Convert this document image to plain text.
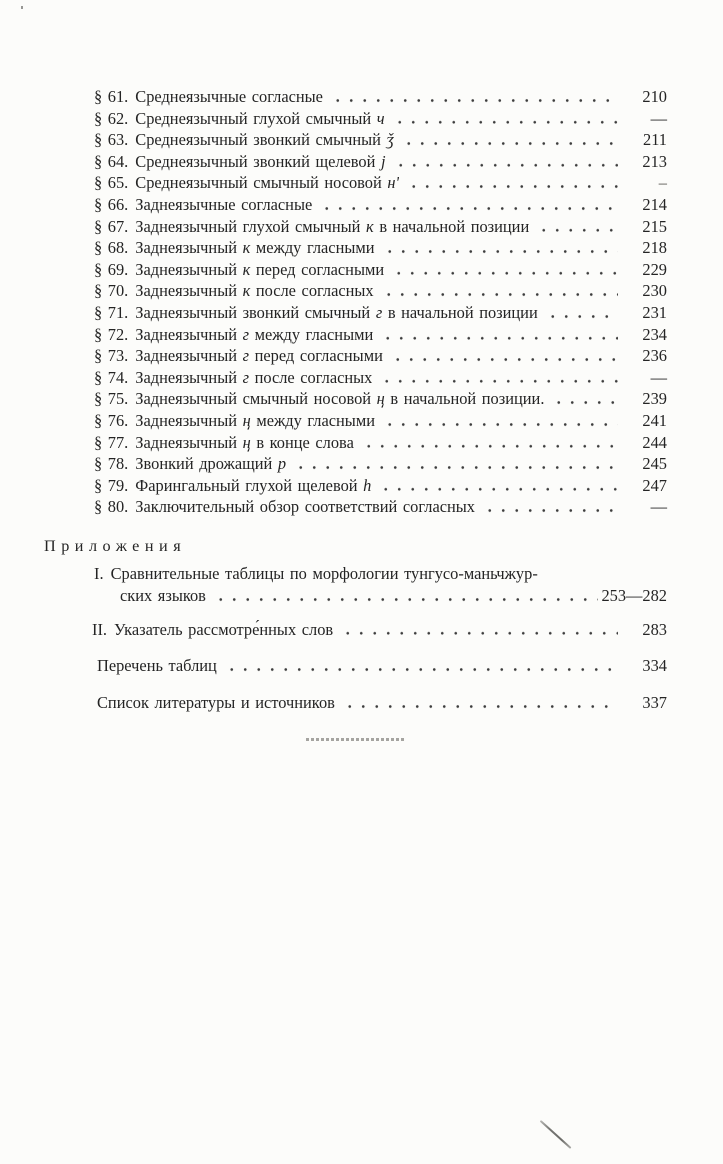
§ 61. Среднеязычные согласные	210
§ 62. Среднеязычный глухой смычный ч	—
§ 63. Среднеязычный звонкий смычный ǯ	211
§ 64. Среднеязычный звонкий щелевой j	213
§ 65. Среднеязычный смычный носовой н'	–
§ 66. Заднеязычные согласные	214
§ 67. Заднеязычный глухой смычный к в начальной позиции	215
§ 68. Заднеязычный к между гласными	218
§ 69. Заднеязычный к перед согласными	229
§ 70. Заднеязычный к после согласных	230
§ 71. Заднеязычный звонкий смычный г в начальной позиции	231
§ 72. Заднеязычный г между гласными	234
§ 73. Заднеязычный г перед согласными	236
§ 74. Заднеязычный г после согласных	—
§ 75. Заднеязычный смычный носовой ң в начальной позиции.	239
§ 76. Заднеязычный ң между гласными	241
§ 77. Заднеязычный ң в конце слова	244
§ 78. Звонкий дрожащий р	245
§ 79. Фарингальный глухой щелевой h	247
§ 80. Заключительный обзор соответствий согласных	—
Приложения
I. Сравнительные таблицы по морфологии тунгусо-маньчжур-
ских языков	253—282
II. Указатель рассмотре́нных слов	283
Перечень таблиц	334
Список литературы и источников	337
